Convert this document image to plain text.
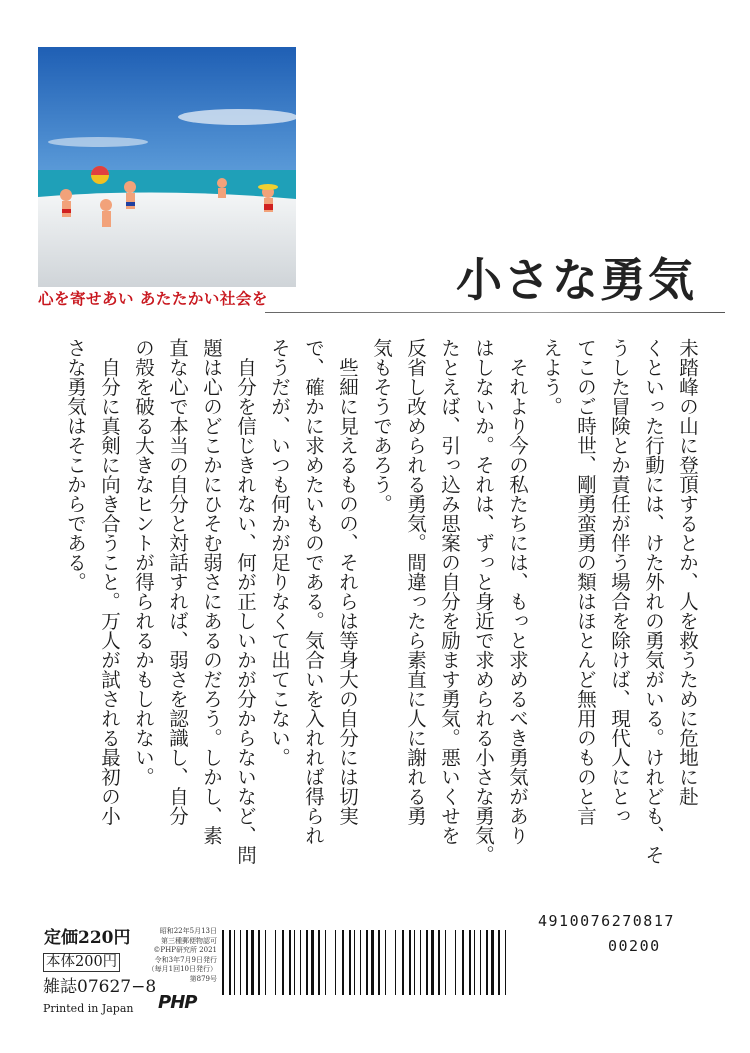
心を寄せあい あたたかい社会を	小さな勇気
未踏峰の山に登頂するとか、人を救うために危地に赴
くといった行動には、けた外れの勇気がいる。けれども、そ
うした冒険とか責任が伴う場合を除けば、現代人にとっ
てこのご時世、剛勇蛮勇の類はほとんど無用のものと言
えよう。
　それより今の私たちには、もっと求めるべき勇気があり
はしないか。それは、ずっと身近で求められる小さな勇気。
たとえば、引っ込み思案の自分を励ます勇気。悪いくせを
反省し改められる勇気。間違ったら素直に人に謝れる勇
気もそうであろう。
　些細に見えるものの、それらは等身大の自分には切実
で、確かに求めたいものである。気合いを入れれば得られ
そうだが、いつも何かが足りなくて出てこない。
　自分を信じきれない、何が正しいかが分からないなど、問
題は心のどこかにひそむ弱さにあるのだろう。しかし、素
直な心で本当の自分と対話すれば、弱さを認識し、自分
の殻を破る大きなヒントが得られるかもしれない。
　自分に真剣に向き合うこと。万人が試される最初の小
さな勇気はそこからである。
定価220円
本体200円
雑誌07627−8
Printed in Japan
昭和22年5月13日
第三種郵便物認可
©PHP研究所 2021
令和3年7月9日発行
（毎月1回10日発行）
第879号
PHP
4910076270817
00200
